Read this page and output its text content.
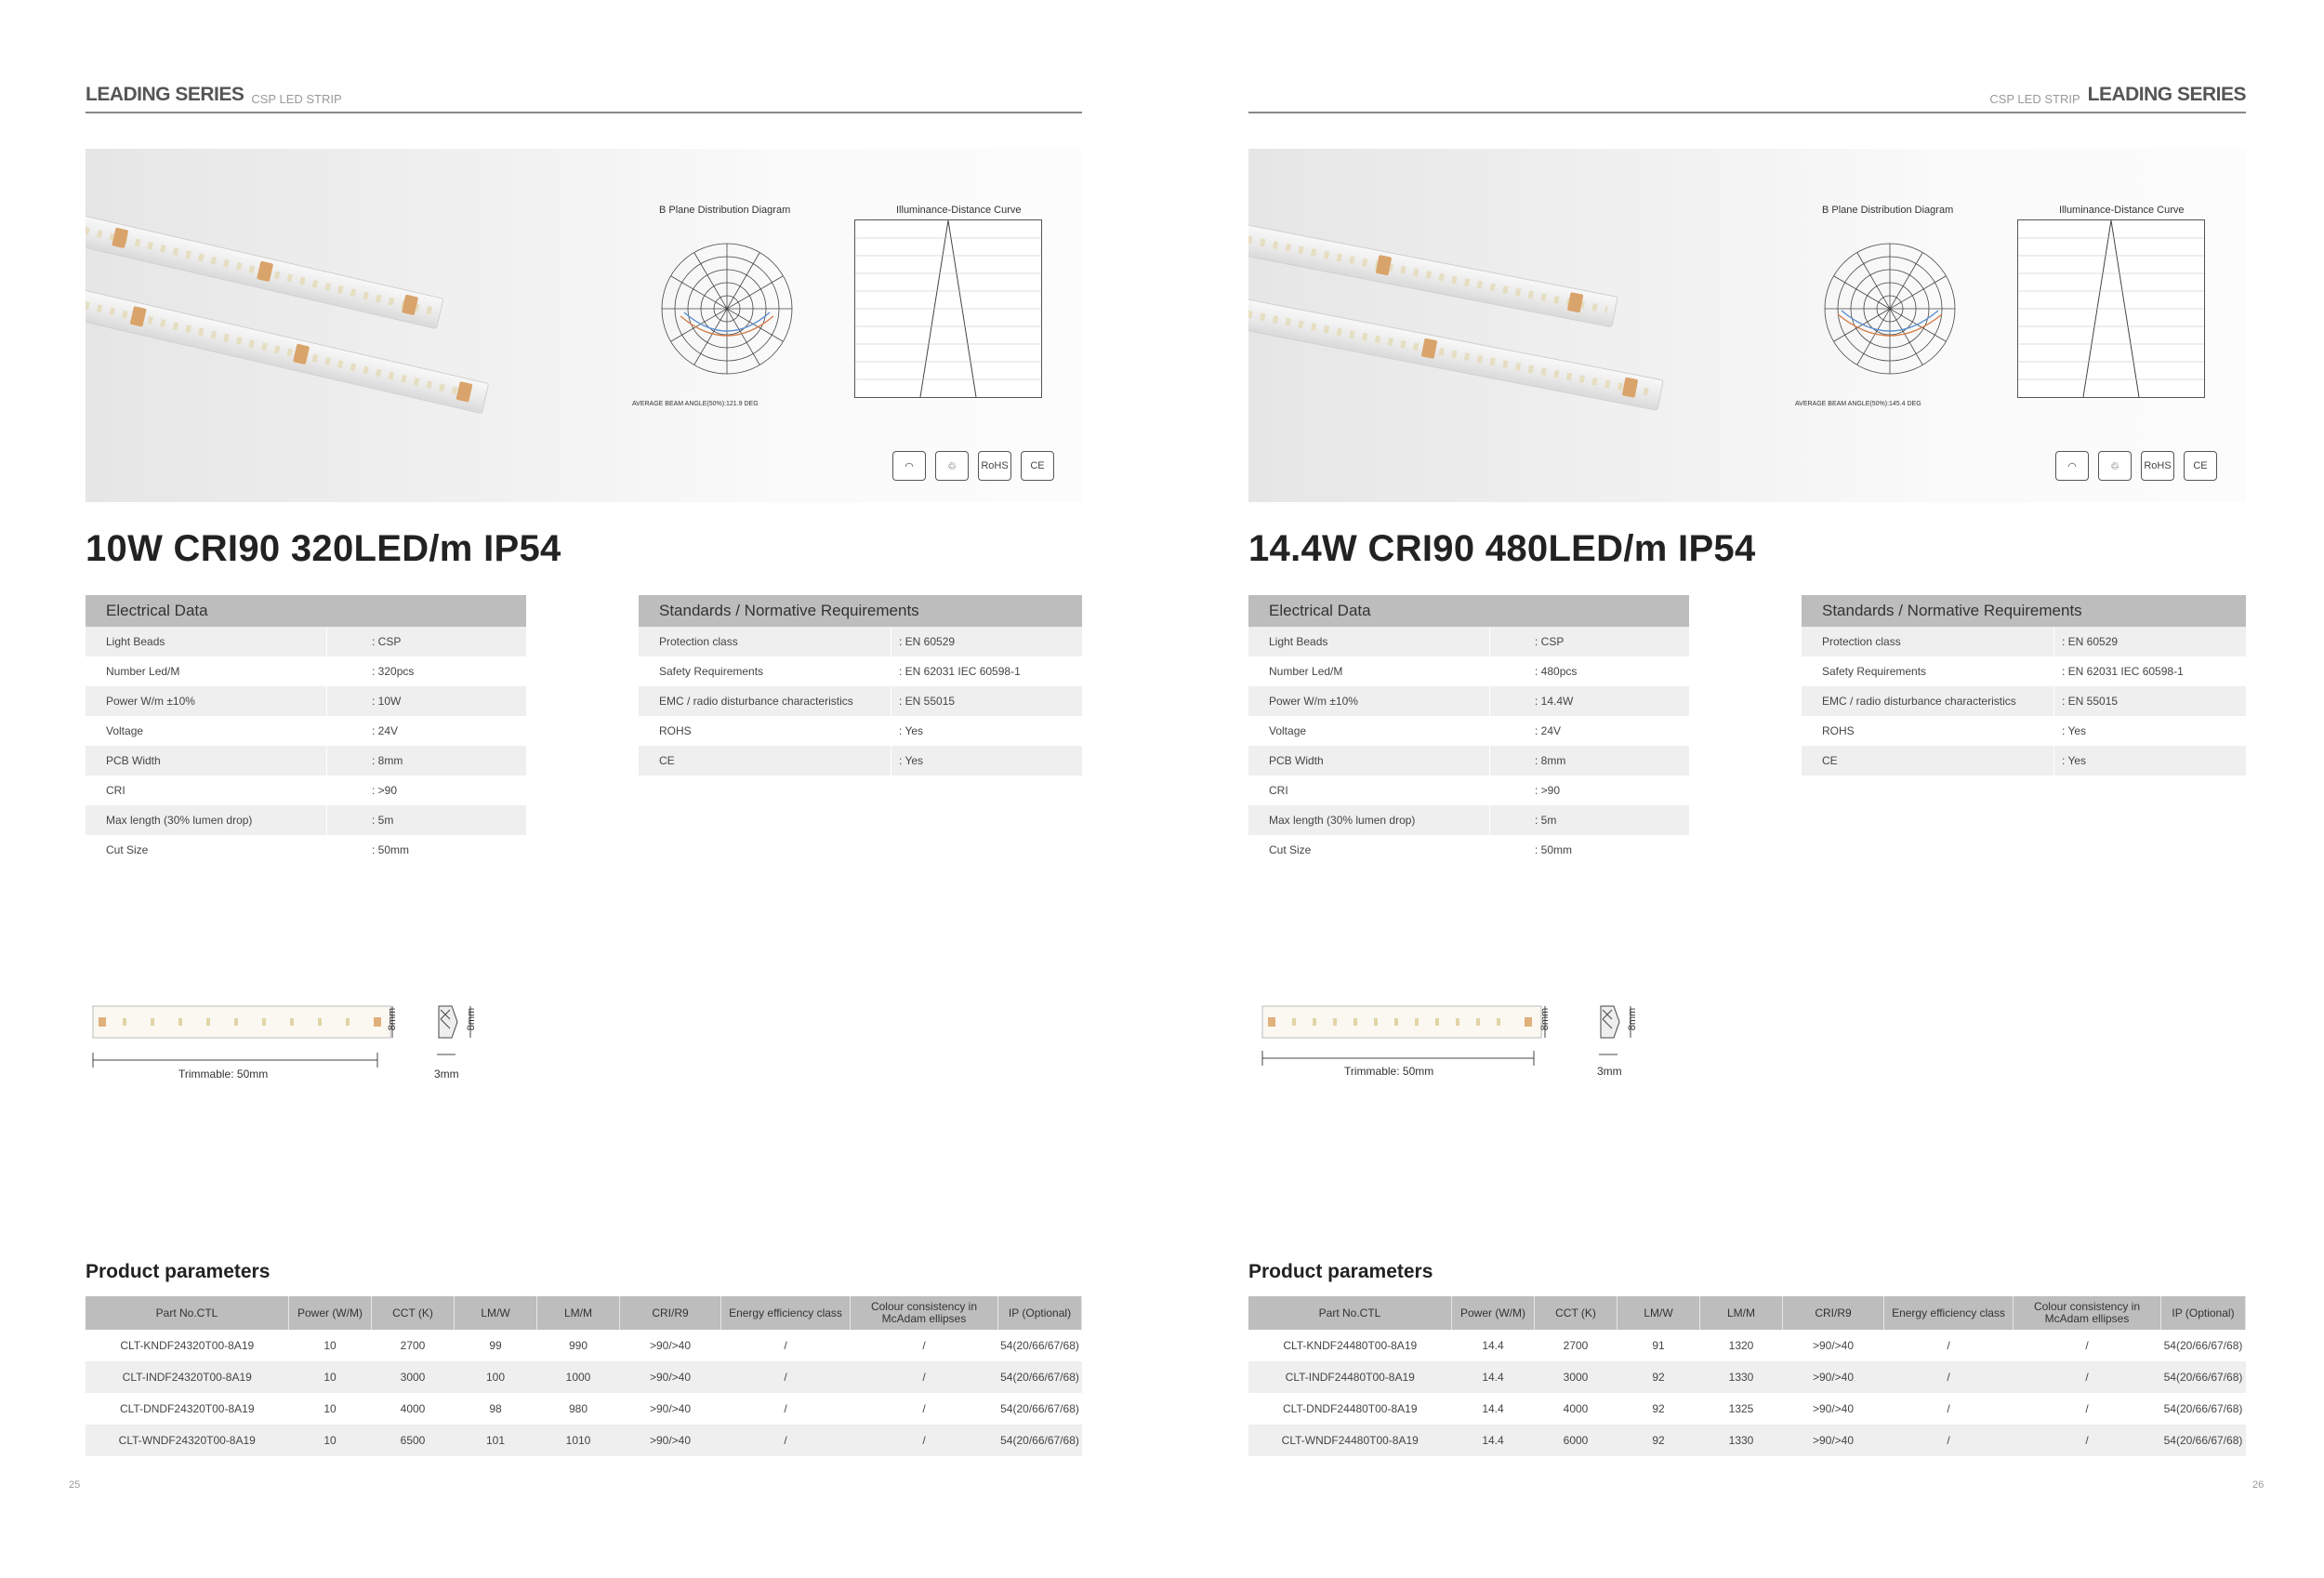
LEADING SERIES CSP LED STRIP
B Plane Distribution Diagram
AVERAGE BEAM ANGLE(50%):121.9 DEG
Illuminance-Distance Curve
◠	♲	RoHS	CE
10W CRI90 320LED/m IP54
Electrical Data
Light Beads	: CSP
Number Led/M	: 320pcs
Power W/m ±10%	: 10W
Voltage	: 24V
PCB Width	: 8mm
CRI	: >90
Max length (30% lumen drop)	: 5m
Cut Size	: 50mm
Standards / Normative Requirements
Protection class	: EN 60529
Safety Requirements	: EN 62031 IEC 60598-1
EMC / radio disturbance characteristics	: EN 55015
ROHS	: Yes
CE	: Yes
Trimmable: 50mm
8mm	8mm
3mm
Product parameters
Part No.CTL	Power (W/M)	CCT (K)	LM/W	LM/M	CRI/R9	Energy efficiency class	Colour consistency in McAdam ellipses	IP (Optional)
CLT-KNDF24320T00-8A19	10	2700	99	990	>90/>40	/	/	54(20/66/67/68)
CLT-INDF24320T00-8A19	10	3000	100	1000	>90/>40	/	/	54(20/66/67/68)
CLT-DNDF24320T00-8A19	10	4000	98	980	>90/>40	/	/	54(20/66/67/68)
CLT-WNDF24320T00-8A19	10	6500	101	1010	>90/>40	/	/	54(20/66/67/68)
25
CSP LED STRIP LEADING SERIES
B Plane Distribution Diagram
AVERAGE BEAM ANGLE(50%):145.4 DEG
Illuminance-Distance Curve
◠	♲	RoHS	CE
14.4W CRI90 480LED/m IP54
Electrical Data
Light Beads	: CSP
Number Led/M	: 480pcs
Power W/m ±10%	: 14.4W
Voltage	: 24V
PCB Width	: 8mm
CRI	: >90
Max length (30% lumen drop)	: 5m
Cut Size	: 50mm
Standards / Normative Requirements
Protection class	: EN 60529
Safety Requirements	: EN 62031 IEC 60598-1
EMC / radio disturbance characteristics	: EN 55015
ROHS	: Yes
CE	: Yes
Trimmable: 50mm
8mm	8mm
3mm
Product parameters
Part No.CTL	Power (W/M)	CCT (K)	LM/W	LM/M	CRI/R9	Energy efficiency class	Colour consistency in McAdam ellipses	IP (Optional)
CLT-KNDF24480T00-8A19	14.4	2700	91	1320	>90/>40	/	/	54(20/66/67/68)
CLT-INDF24480T00-8A19	14.4	3000	92	1330	>90/>40	/	/	54(20/66/67/68)
CLT-DNDF24480T00-8A19	14.4	4000	92	1325	>90/>40	/	/	54(20/66/67/68)
CLT-WNDF24480T00-8A19	14.4	6000	92	1330	>90/>40	/	/	54(20/66/67/68)
26
